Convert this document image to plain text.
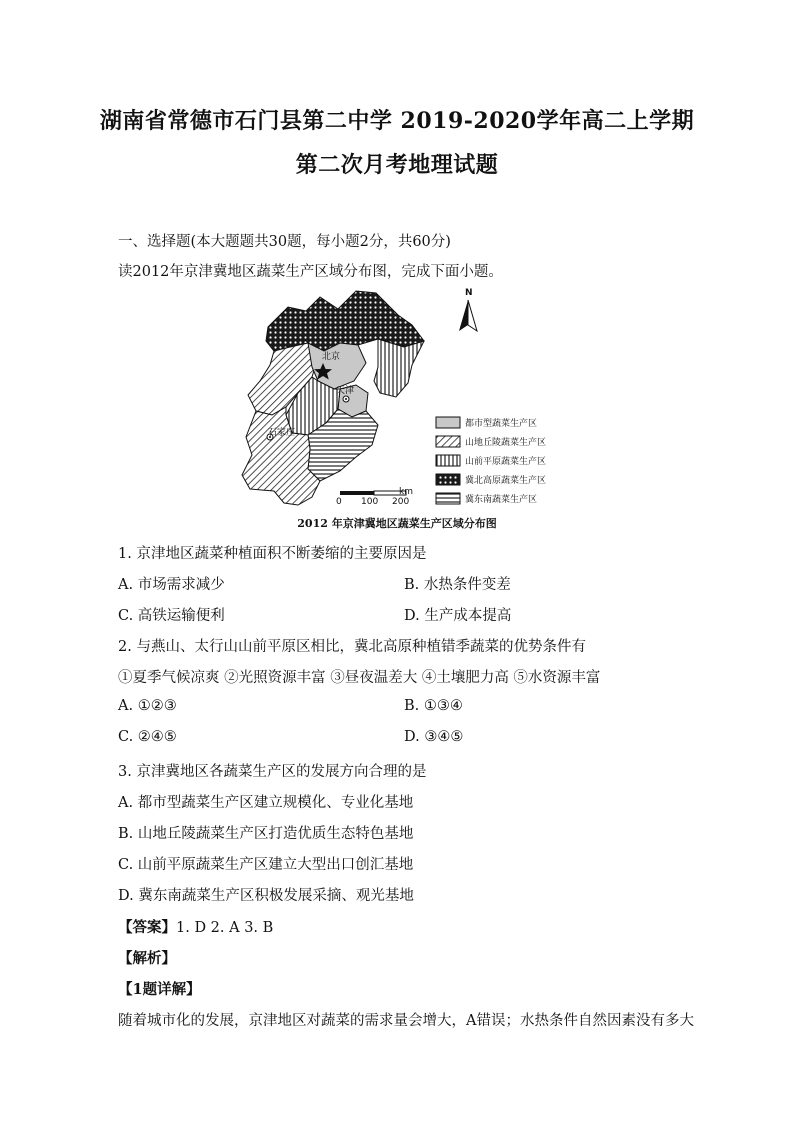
湖南省常德市石门县第二中学 2019-2020学年高二上学期
第二次月考地理试题
一、选择题(本大题题共30题，每小题2分，共60分)
读2012年京津冀地区蔬菜生产区域分布图，完成下面小题。
北京
天津
石家庄
N
0 100 200
km
都市型蔬菜生产区
山地丘陵蔬菜生产区
山前平原蔬菜生产区
冀北高原蔬菜生产区
冀东南蔬菜生产区
2012 年京津冀地区蔬菜生产区域分布图
1. 京津地区蔬菜种植面积不断萎缩的主要原因是
A. 市场需求减少	B. 水热条件变差
C. 高铁运输便利	D. 生产成本提高
2. 与燕山、太行山山前平原区相比，冀北高原种植错季蔬菜的优势条件有
①夏季气候凉爽 ②光照资源丰富 ③昼夜温差大 ④土壤肥力高 ⑤水资源丰富
A. ①②③	B. ①③④
C. ②④⑤	D. ③④⑤
3. 京津冀地区各蔬菜生产区的发展方向合理的是
A. 都市型蔬菜生产区建立规模化、专业化基地
B. 山地丘陵蔬菜生产区打造优质生态特色基地
C. 山前平原蔬菜生产区建立大型出口创汇基地
D. 冀东南蔬菜生产区积极发展采摘、观光基地
【答案】1. D 2. A 3. B
【解析】
【1题详解】
随着城市化的发展，京津地区对蔬菜的需求量会增大，A错误；水热条件自然因素没有多大
